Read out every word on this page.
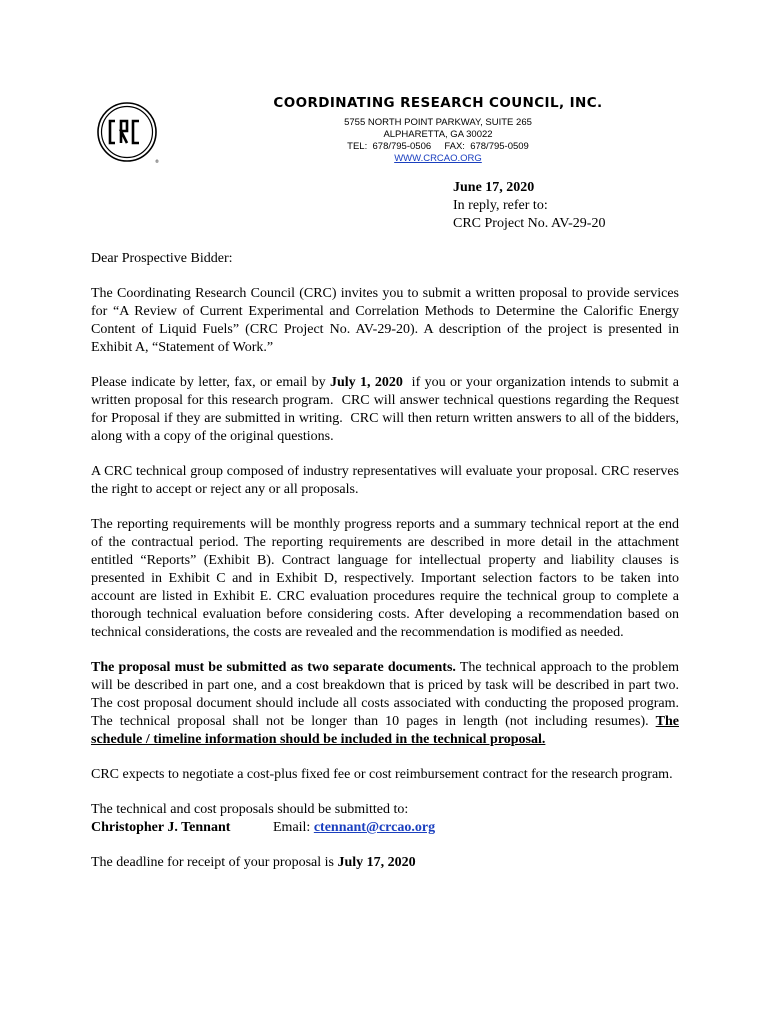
®

COORDINATING RESEARCH COUNCIL, INC.

5755 NORTH POINT PARKWAY, SUITE 265

ALPHARETTA, GA 30022

TEL:  678/795-0506     FAX:  678/795-0509

WWW.CRCAO.ORG

June 17, 2020
In reply, refer to:
CRC Project No. AV-29-20

Dear Prospective Bidder:

The Coordinating Research Council (CRC) invites you to submit a written proposal to provide services for “A Review of Current Experimental and Correlation Methods to Determine the Calorific Energy Content of Liquid Fuels” (CRC Project No. AV-29-20). A description of the project is presented in Exhibit A, “Statement of Work.”

Please indicate by letter, fax, or email by July 1, 2020  if you or your organization intends to submit a written proposal for this research program.  CRC will answer technical questions regarding the Request for Proposal if they are submitted in writing.  CRC will then return written answers to all of the bidders, along with a copy of the original questions.

A CRC technical group composed of industry representatives will evaluate your proposal. CRC reserves the right to accept or reject any or all proposals.

The reporting requirements will be monthly progress reports and a summary technical report at the end of the contractual period. The reporting requirements are described in more detail in the attachment entitled “Reports” (Exhibit B). Contract language for intellectual property and liability clauses is presented in Exhibit C and in Exhibit D, respectively. Important selection factors to be taken into account are listed in Exhibit E. CRC evaluation procedures require the technical group to complete a thorough technical evaluation before considering costs. After developing a recommendation based on technical considerations, the costs are revealed and the recommendation is modified as needed.

The proposal must be submitted as two separate documents. The technical approach to the problem will be described in part one, and a cost breakdown that is priced by task will be described in part two. The cost proposal document should include all costs associated with conducting the proposed program. The technical proposal shall not be longer than 10 pages in length (not including resumes). The schedule / timeline information should be included in the technical proposal.

CRC expects to negotiate a cost-plus fixed fee or cost reimbursement contract for the research program.

The technical and cost proposals should be submitted to:

Christopher J. Tennant	Email: ctennant@crcao.org

The deadline for receipt of your proposal is July 17, 2020
